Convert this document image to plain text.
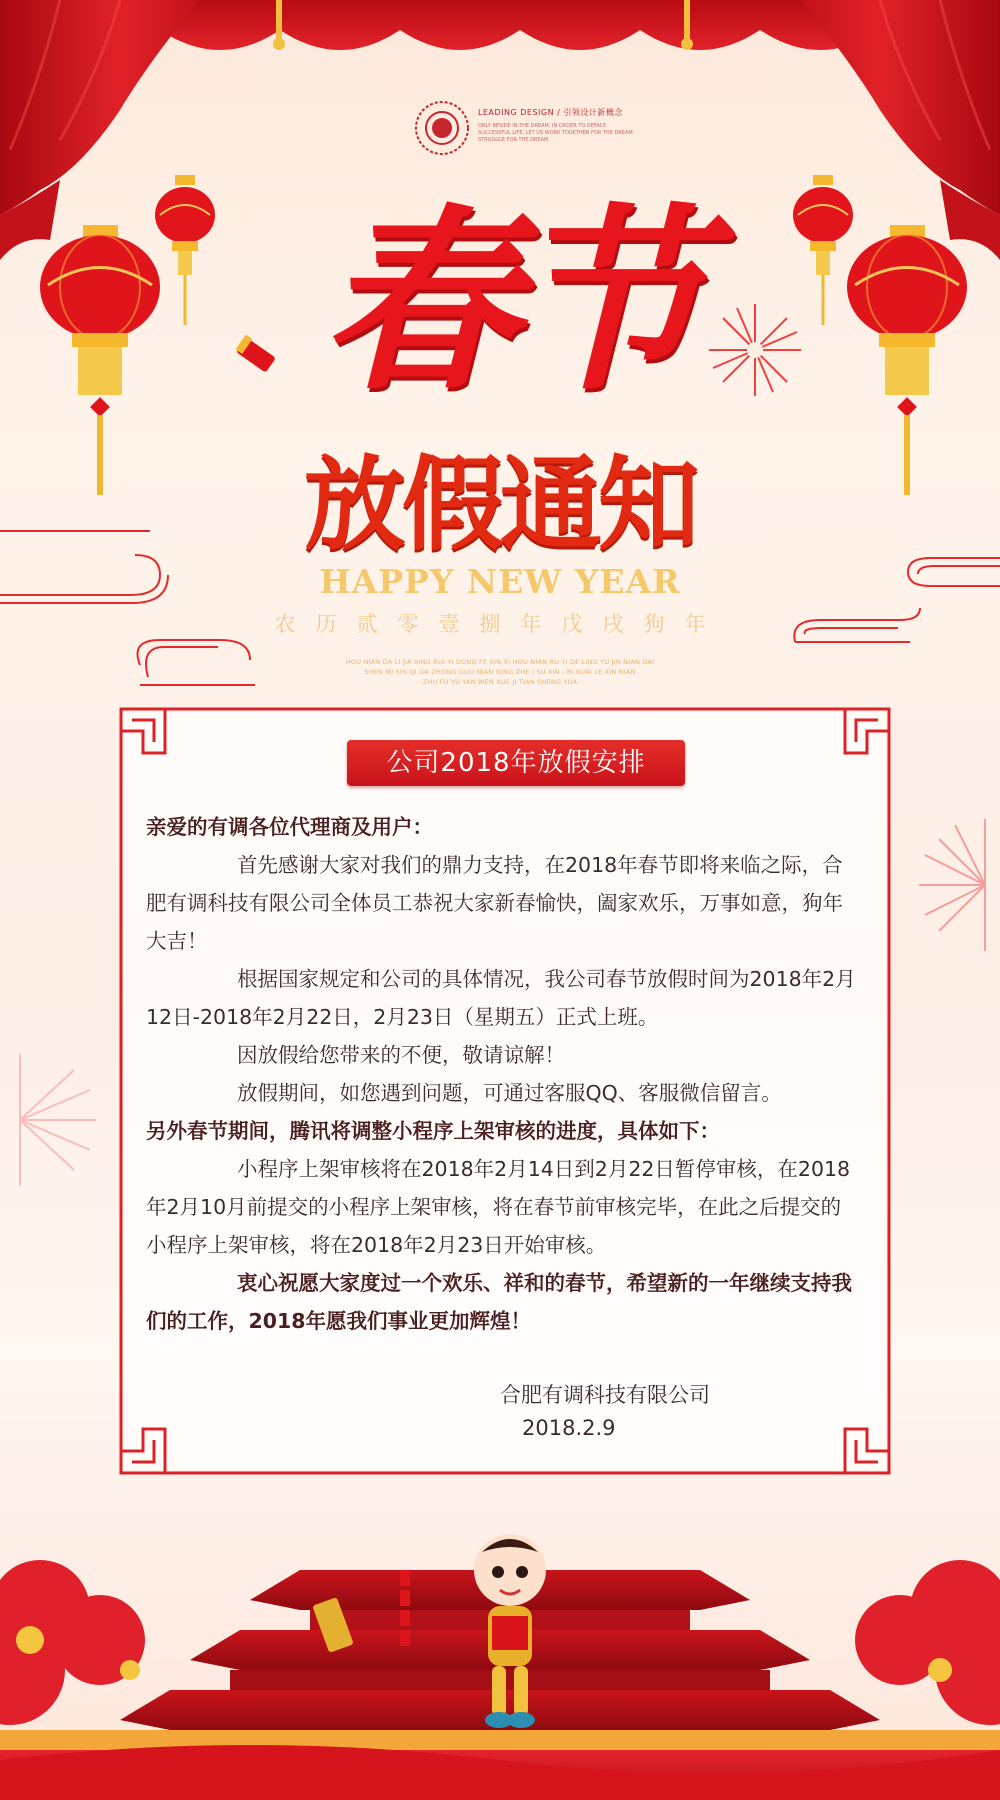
LEADING DESIGN / 引领设计新概念
ONLY BESIDE IN THE DREAM. IN ORDER TO DEFACE
SUCCESSFUL LIFE, LET US WORK TOGETHER FOR THE DREAM
STRUGGLE FOR THE DREAM
春节
放假通知
HAPPY NEW YEAR
农历贰零壹捌年戊戌狗年
HOU NIAN DA LI JIA XING RUI YI DONG FE XIN XI HOU NIAN RU YI DE LING YU JIN NIAN DAI
SHEN MI SHI QI GA ZHONG GUO NIAN QING ZHE I SU XIN - RI KUAI LE XIN NIAN
ZHU FU YU YAN WEN XUE JI TIAN SHENG YUA
公司2018年放假安排

亲爱的有调各位代理商及用户：

首先感谢大家对我们的鼎力支持，在2018年春节即将来临之际，合肥有调科技有限公司全体员工恭祝大家新春愉快，阖家欢乐，万事如意，狗年大吉！

根据国家规定和公司的具体情况，我公司春节放假时间为2018年2月12日-2018年2月22日，2月23日（星期五）正式上班。

因放假给您带来的不便，敬请谅解！

放假期间，如您遇到问题，可通过客服QQ、客服微信留言。

另外春节期间，腾讯将调整小程序上架审核的进度，具体如下：

小程序上架审核将在2018年2月14日到2月22日暂停审核，在2018年2月10月前提交的小程序上架审核，将在春节前审核完毕，在此之后提交的小程序上架审核，将在2018年2月23日开始审核。

衷心祝愿大家度过一个欢乐、祥和的春节，希望新的一年继续支持我们的工作，2018年愿我们事业更加辉煌！

合肥有调科技有限公司
2018.2.9
